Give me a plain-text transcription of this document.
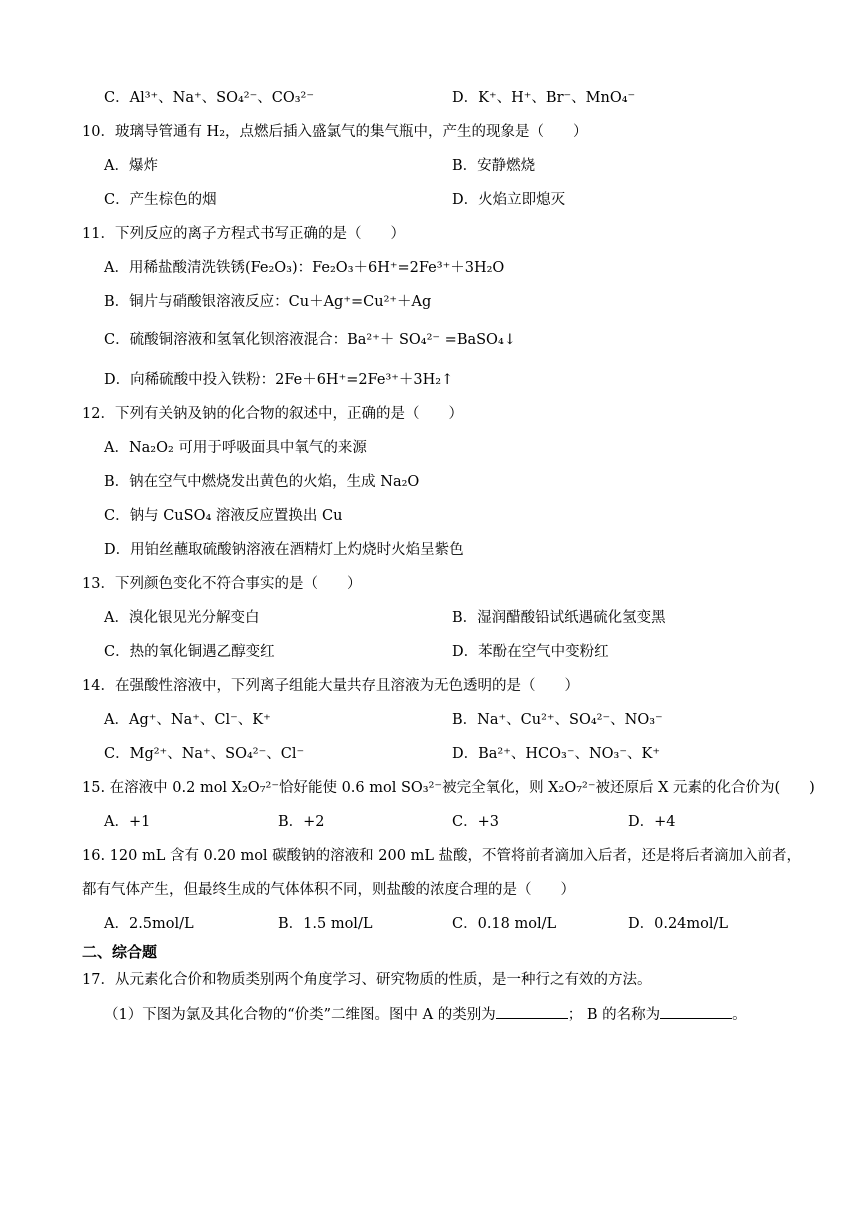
C．Al³⁺、Na⁺、SO₄²⁻、CO₃²⁻	D．K⁺、H⁺、Br⁻、MnO₄⁻
10．玻璃导管通有 H₂，点燃后插入盛氯气的集气瓶中，产生的现象是（　　）
A．爆炸	B．安静燃烧
C．产生棕色的烟	D．火焰立即熄灭
11．下列反应的离子方程式书写正确的是（　　）
A．用稀盐酸清洗铁锈(Fe₂O₃)：Fe₂O₃＋6H⁺=2Fe³⁺＋3H₂O
B．铜片与硝酸银溶液反应：Cu＋Ag⁺=Cu²⁺＋Ag
C．硫酸铜溶液和氢氧化钡溶液混合：Ba²⁺＋ SO₄²⁻ =BaSO₄↓
D．向稀硫酸中投入铁粉：2Fe＋6H⁺=2Fe³⁺＋3H₂↑
12．下列有关钠及钠的化合物的叙述中，正确的是（　　）
A．Na₂O₂ 可用于呼吸面具中氧气的来源
B．钠在空气中燃烧发出黄色的火焰，生成 Na₂O
C．钠与 CuSO₄ 溶液反应置换出 Cu
D．用铂丝蘸取硫酸钠溶液在酒精灯上灼烧时火焰呈紫色
13．下列颜色变化不符合事实的是（　　）
A．溴化银见光分解变白	B．湿润醋酸铅试纸遇硫化氢变黑
C．热的氧化铜遇乙醇变红	D．苯酚在空气中变粉红
14．在强酸性溶液中，下列离子组能大量共存且溶液为无色透明的是（　　）
A．Ag⁺、Na⁺、Cl⁻、K⁺	B．Na⁺、Cu²⁺、SO₄²⁻、NO₃⁻
C．Mg²⁺、Na⁺、SO₄²⁻、Cl⁻	D．Ba²⁺、HCO₃⁻、NO₃⁻、K⁺
15. 在溶液中 0.2 mol X₂O₇²⁻恰好能使 0.6 mol SO₃²⁻被完全氧化，则 X₂O₇²⁻被还原后 X 元素的化合价为(　　)
A．+1	B．+2	C．+3	D．+4
16. 120 mL 含有 0.20 mol 碳酸钠的溶液和 200 mL 盐酸，不管将前者滴加入后者，还是将后者滴加入前者，
都有气体产生，但最终生成的气体体积不同，则盐酸的浓度合理的是（　　）
A．2.5mol/L	B．1.5 mol/L	C．0.18 mol/L	D．0.24mol/L
二、综合题
17．从元素化合价和物质类别两个角度学习、研究物质的性质，是一种行之有效的方法。
（1）下图为氯及其化合物的“价类”二维图。图中 A 的类别为	； B 的名称为	。
